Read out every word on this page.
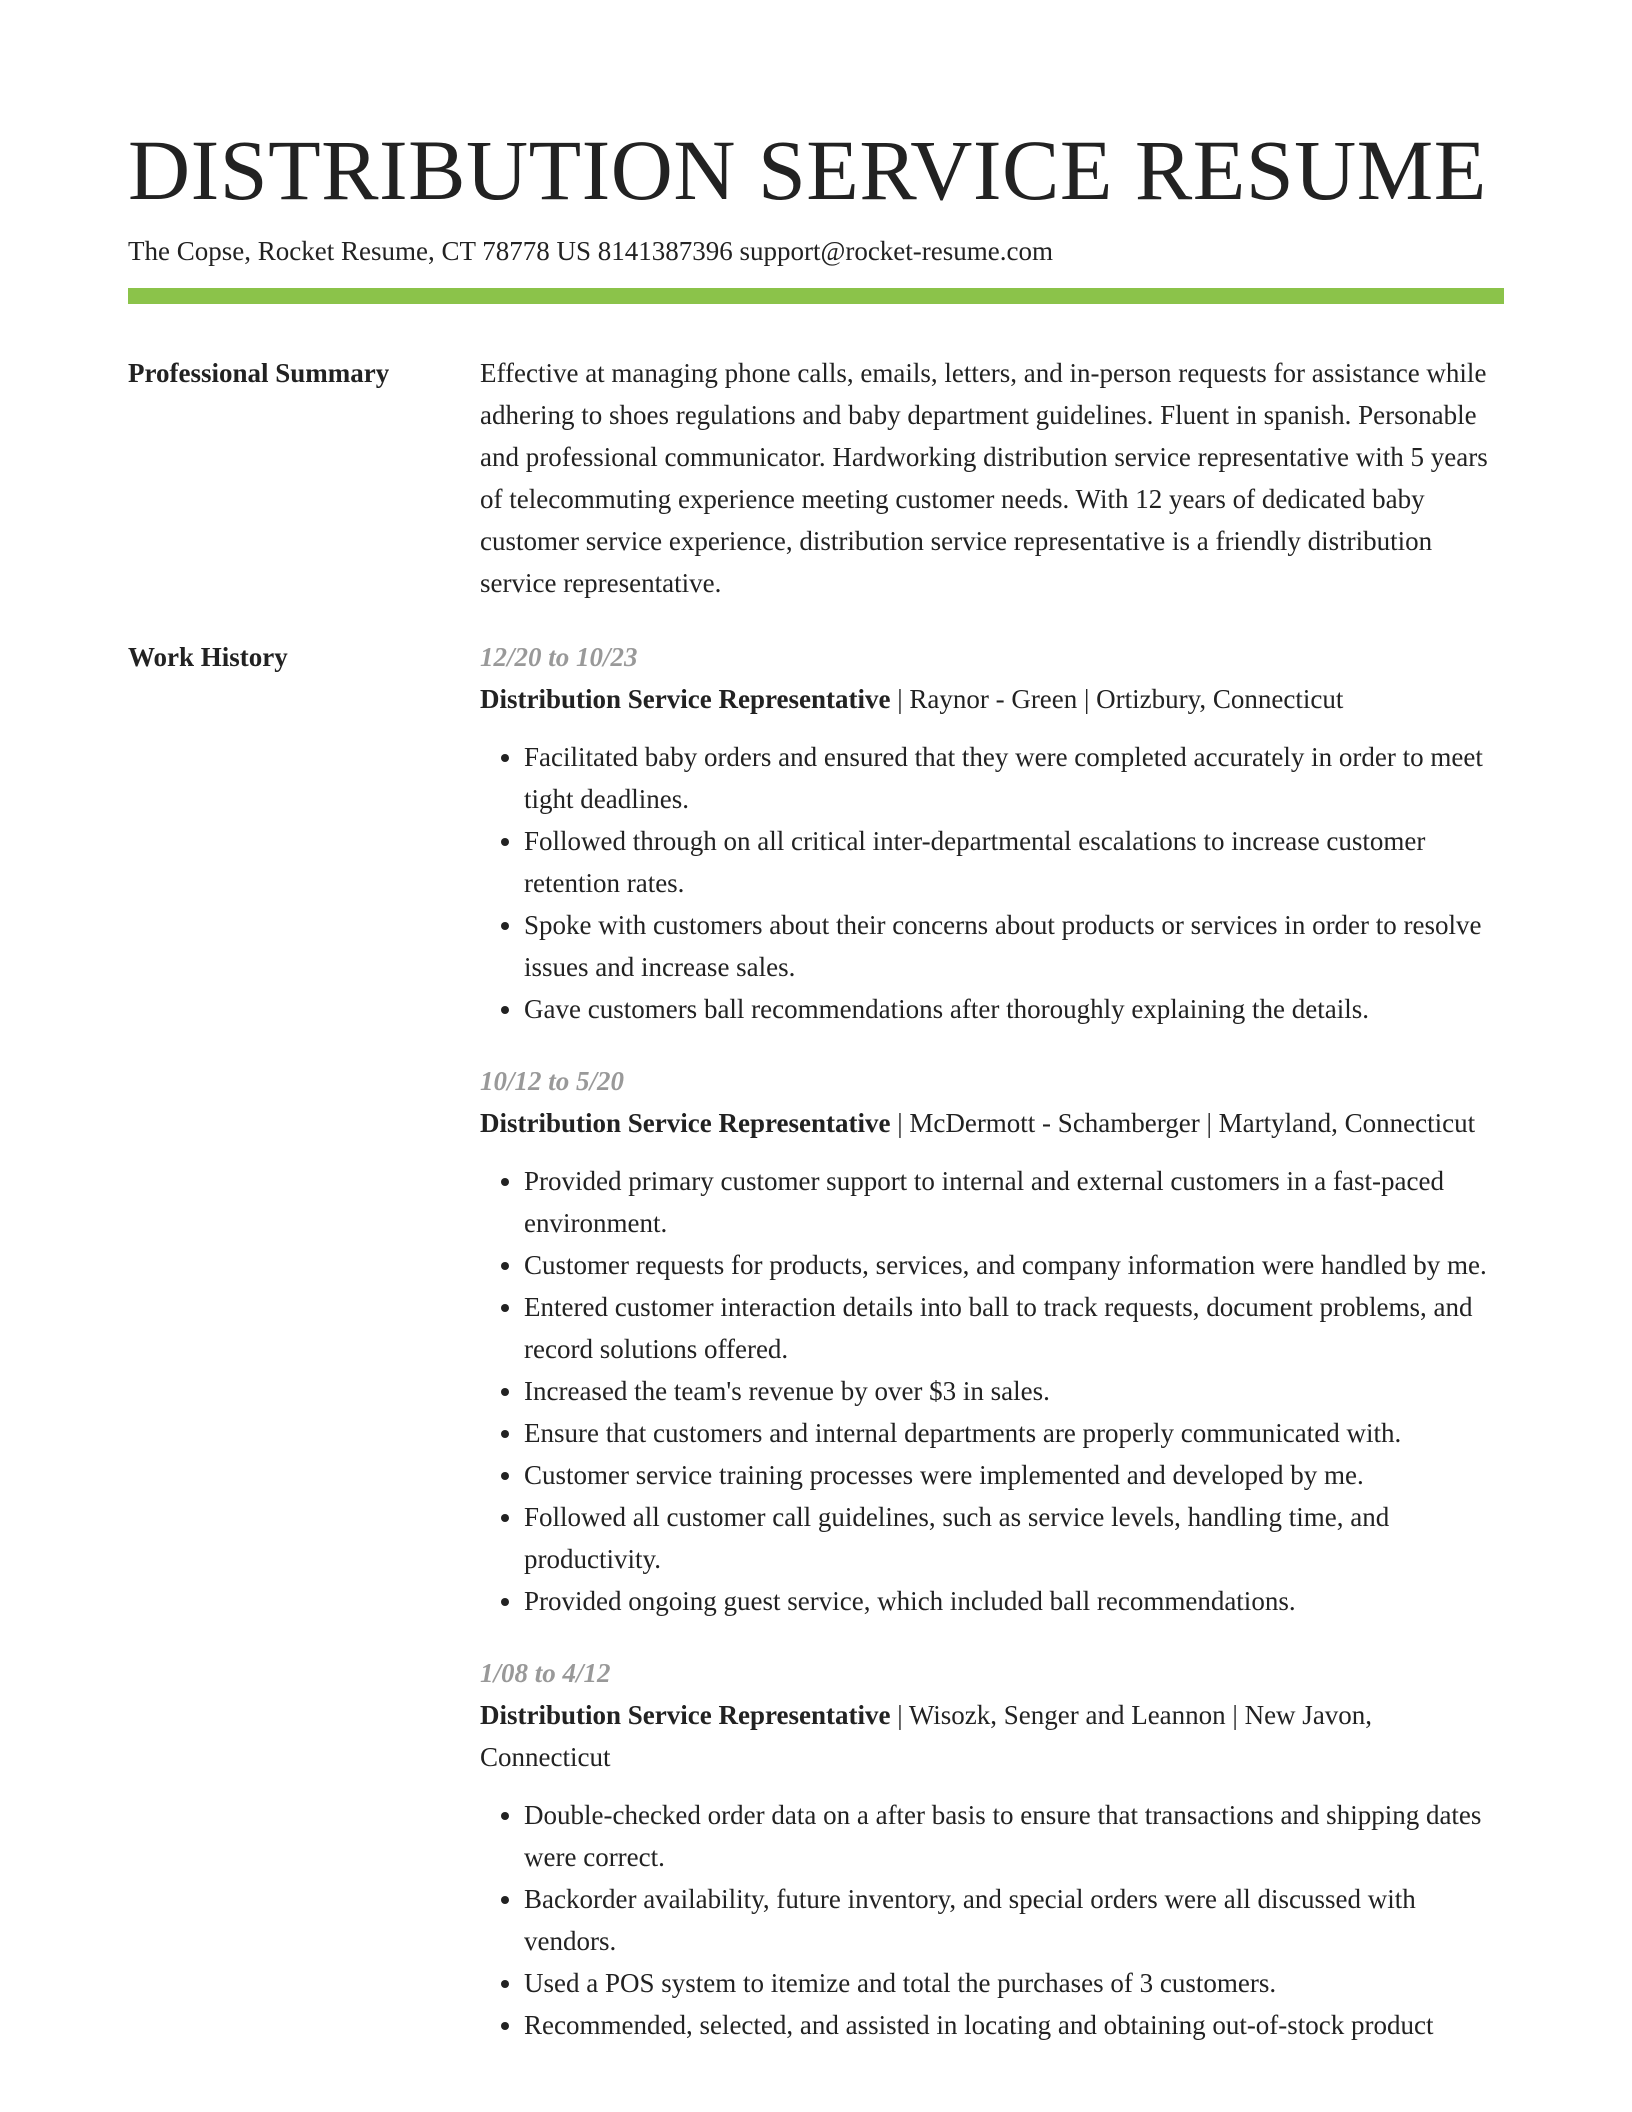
DISTRIBUTION SERVICE RESUME
The Copse, Rocket Resume, CT 78778 US 8141387396 support@rocket-resume.com
Professional Summary	Effective at managing phone calls, emails, letters, and in-person requests for assistance while adhering to shoes regulations and baby department guidelines. Fluent in spanish. Personable and professional communicator. Hardworking distribution service representative with 5 years of telecommuting experience meeting customer needs. With 12 years of dedicated baby customer service experience, distribution service representative is a friendly distribution service representative.

Work History	12/20 to 10/23
Distribution Service Representative | Raynor - Green | Ortizbury, Connecticut
• Facilitated baby orders and ensured that they were completed accurately in order to meet tight deadlines.
• Followed through on all critical inter-departmental escalations to increase customer retention rates.
• Spoke with customers about their concerns about products or services in order to resolve issues and increase sales.
• Gave customers ball recommendations after thoroughly explaining the details.
10/12 to 5/20
Distribution Service Representative | McDermott - Schamberger | Martyland, Connecticut
• Provided primary customer support to internal and external customers in a fast-paced environment.
• Customer requests for products, services, and company information were handled by me.
• Entered customer interaction details into ball to track requests, document problems, and record solutions offered.
• Increased the team's revenue by over $3 in sales.
• Ensure that customers and internal departments are properly communicated with.
• Customer service training processes were implemented and developed by me.
• Followed all customer call guidelines, such as service levels, handling time, and productivity.
• Provided ongoing guest service, which included ball recommendations.
1/08 to 4/12
Distribution Service Representative | Wisozk, Senger and Leannon | New Javon, Connecticut
• Double-checked order data on a after basis to ensure that transactions and shipping dates were correct.
• Backorder availability, future inventory, and special orders were all discussed with vendors.
• Used a POS system to itemize and total the purchases of 3 customers.
• Recommended, selected, and assisted in locating and obtaining out-of-stock product
